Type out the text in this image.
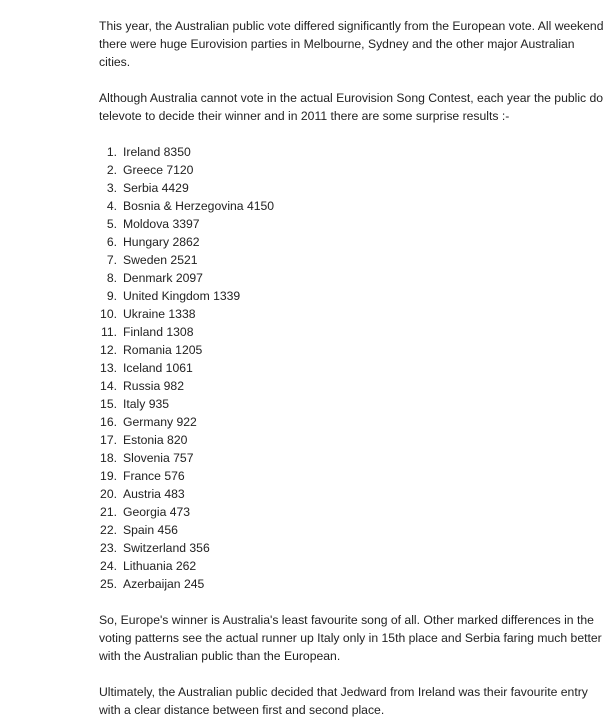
This year, the Australian public vote differed significantly from the European vote. All weekend there were huge Eurovision parties in Melbourne, Sydney and the other major Australian cities.

Although Australia cannot vote in the actual Eurovision Song Contest, each year the public do televote to decide their winner and in 2011 there are some surprise results :-

1. Ireland 8350
2. Greece 7120
3. Serbia 4429
4. Bosnia & Herzegovina 4150
5. Moldova 3397
6. Hungary 2862
7. Sweden 2521
8. Denmark 2097
9. United Kingdom 1339
10. Ukraine 1338
11. Finland 1308
12. Romania 1205
13. Iceland 1061
14. Russia 982
15. Italy 935
16. Germany 922
17. Estonia 820
18. Slovenia 757
19. France 576
20. Austria 483
21. Georgia 473
22. Spain 456
23. Switzerland 356
24. Lithuania 262
25. Azerbaijan 245

So, Europe's winner is Australia's least favourite song of all. Other marked differences in the voting patterns see the actual runner up Italy only in 15th place and Serbia faring much better with the Australian public than the European.

Ultimately, the Australian public decided that Jedward from Ireland was their favourite entry with a clear distance between first and second place.
